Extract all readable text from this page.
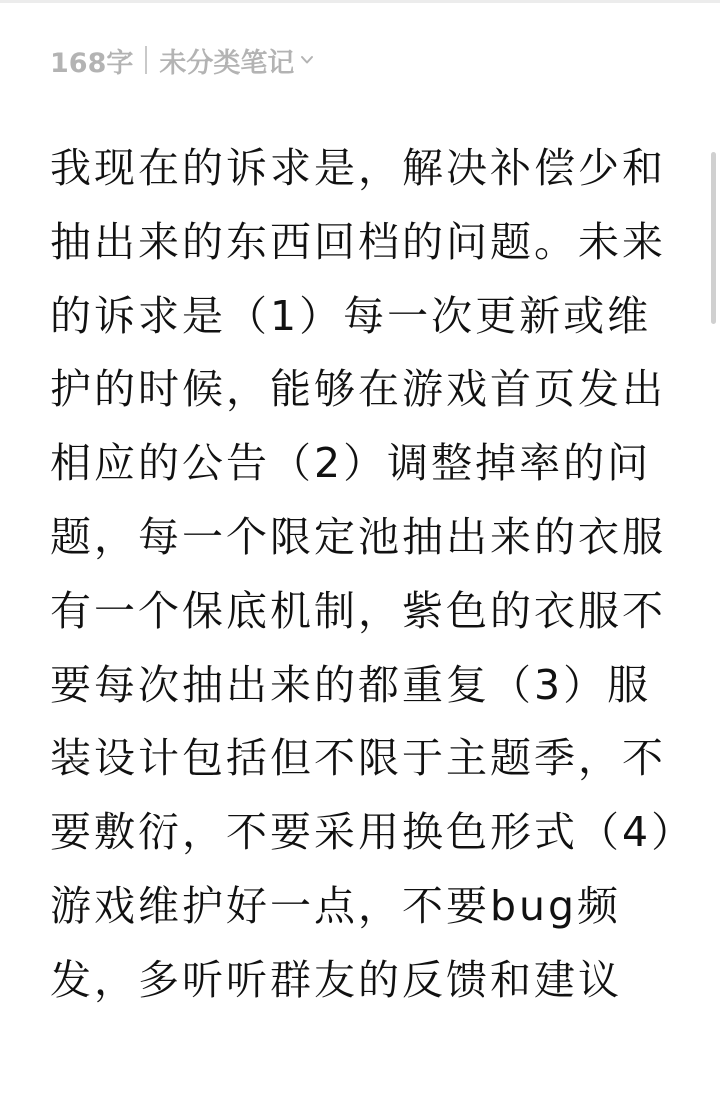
168字 未分类笔记
我现在的诉求是，解决补偿少和抽出来的东西回档的问题。未来的诉求是（1）每一次更新或维护的时候，能够在游戏首页发出相应的公告（2）调整掉率的问题，每一个限定池抽出来的衣服有一个保底机制，紫色的衣服不要每次抽出来的都重复（3）服装设计包括但不限于主题季，不要敷衍，不要采用换色形式（4）游戏维护好一点，不要bug频发，多听听群友的反馈和建议
